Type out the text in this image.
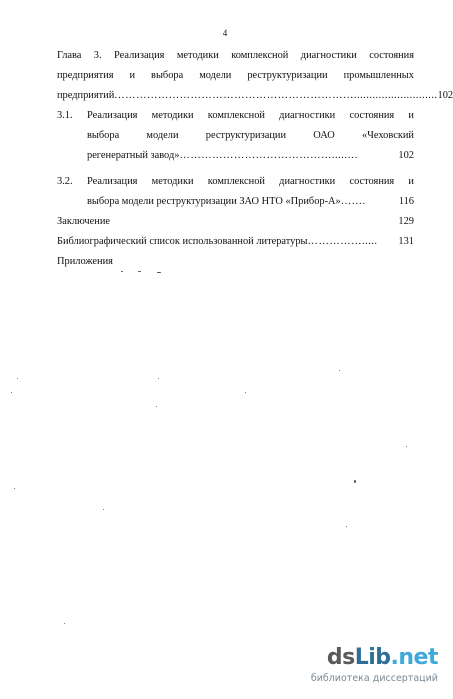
4
Глава 3. Реализация методики комплексной диагностики состояния
предприятия и выбора модели реструктуризации промышленных
предприятий …………………………………………………………........................... 102
3.1.	Реализация методики комплексной диагностики состояния и
выбора модели реструктуризации ОАО «Чеховский
регенератный завод» …………………………………….....…	102
3.2.	Реализация методики комплексной диагностики состояния и
выбора модели реструктуризации ЗАО НТО «Прибор-А» …….	116
Заключение	129
Библиографический список использованной литературы …………….....	131
Приложения
dsLib.net
библиотека диссертаций
